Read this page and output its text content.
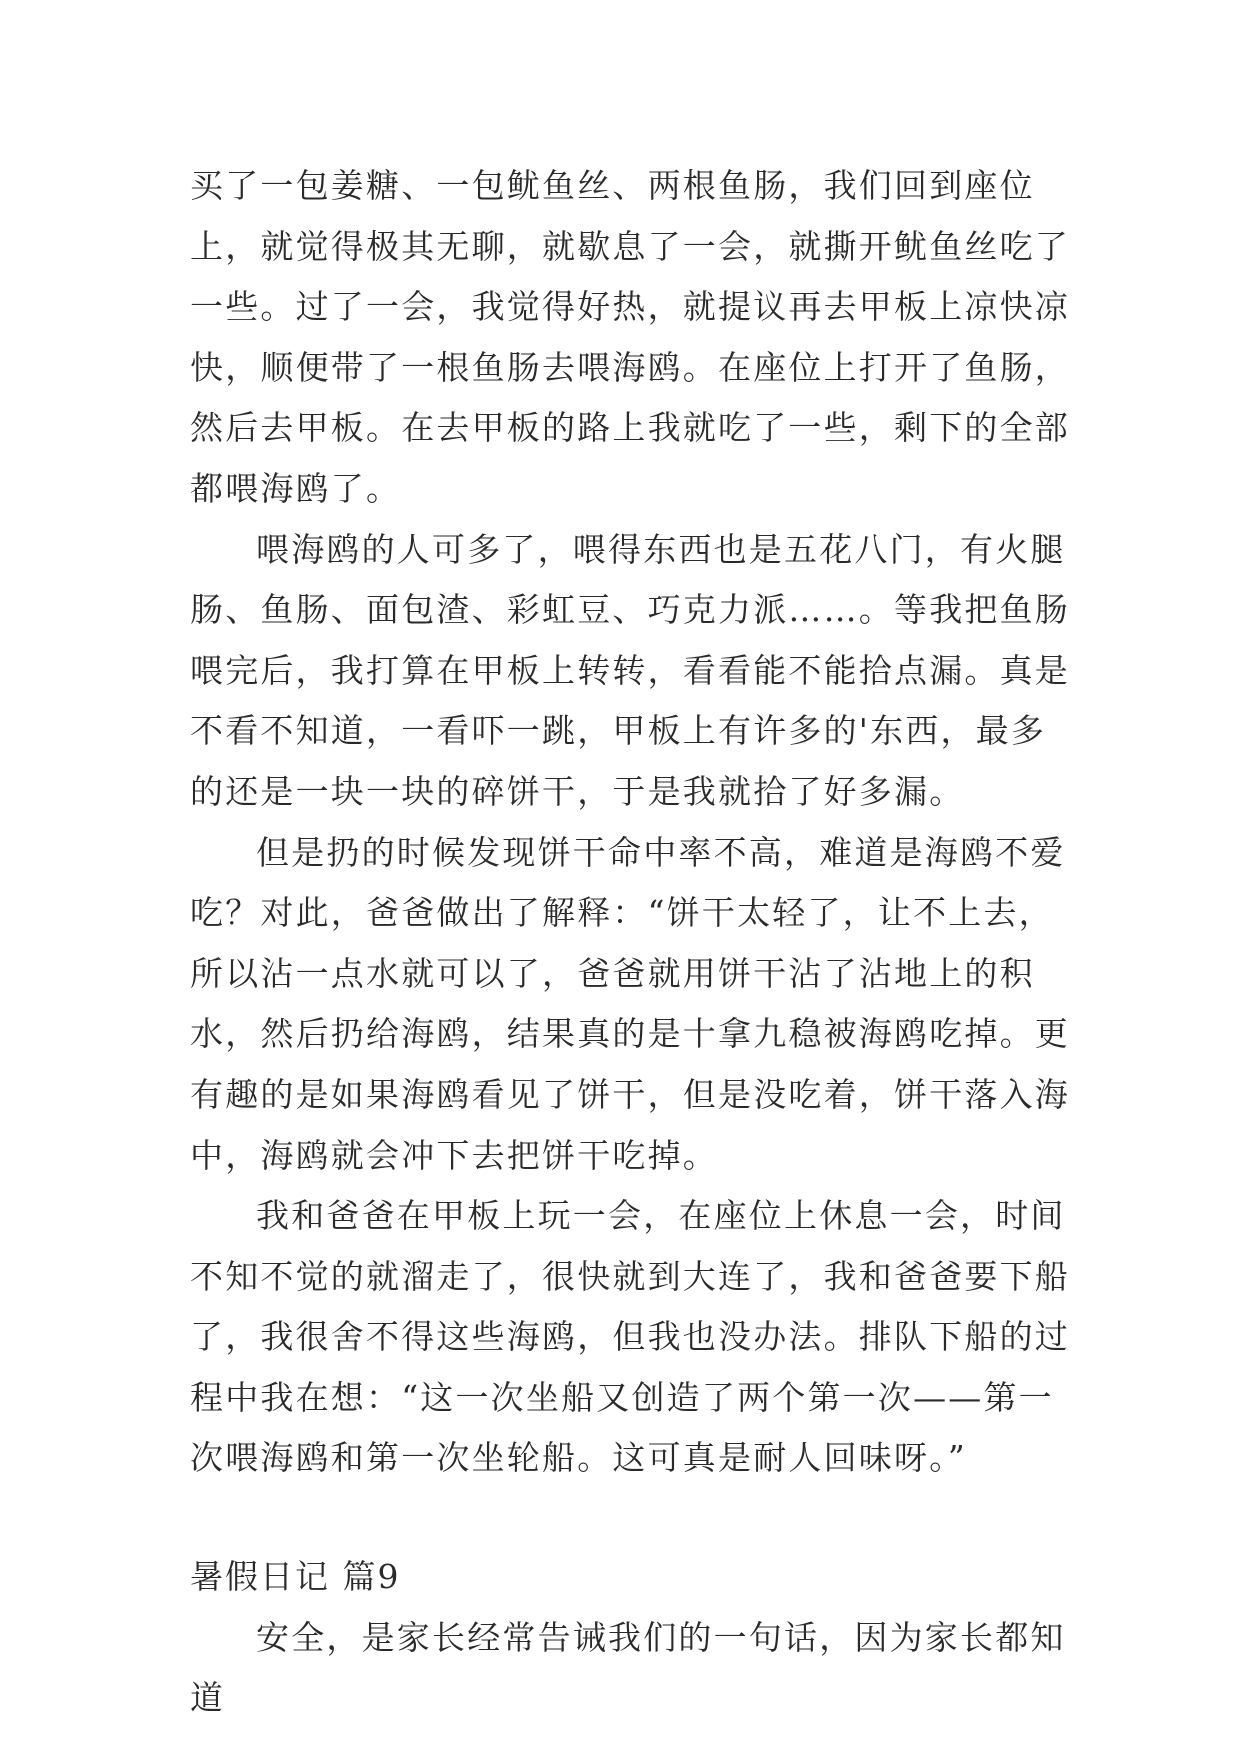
买了一包姜糖、一包鱿鱼丝、两根鱼肠，我们回到座位上，就觉得极其无聊，就歇息了一会，就撕开鱿鱼丝吃了一些。过了一会，我觉得好热，就提议再去甲板上凉快凉快，顺便带了一根鱼肠去喂海鸥。在座位上打开了鱼肠，然后去甲板。在去甲板的路上我就吃了一些，剩下的全部都喂海鸥了。

喂海鸥的人可多了，喂得东西也是五花八门，有火腿肠、鱼肠、面包渣、彩虹豆、巧克力派……。等我把鱼肠喂完后，我打算在甲板上转转，看看能不能拾点漏。真是不看不知道，一看吓一跳，甲板上有许多的'东西，最多的还是一块一块的碎饼干，于是我就拾了好多漏。

但是扔的时候发现饼干命中率不高，难道是海鸥不爱吃？对此，爸爸做出了解释：“饼干太轻了，让不上去，所以沾一点水就可以了，爸爸就用饼干沾了沾地上的积水，然后扔给海鸥，结果真的是十拿九稳被海鸥吃掉。更有趣的是如果海鸥看见了饼干，但是没吃着，饼干落入海中，海鸥就会冲下去把饼干吃掉。

我和爸爸在甲板上玩一会，在座位上休息一会，时间不知不觉的就溜走了，很快就到大连了，我和爸爸要下船了，我很舍不得这些海鸥，但我也没办法。排队下船的过程中我在想：“这一次坐船又创造了两个第一次——第一次喂海鸥和第一次坐轮船。这可真是耐人回味呀。”

暑假日记 篇9

安全，是家长经常告诫我们的一句话，因为家长都知道
